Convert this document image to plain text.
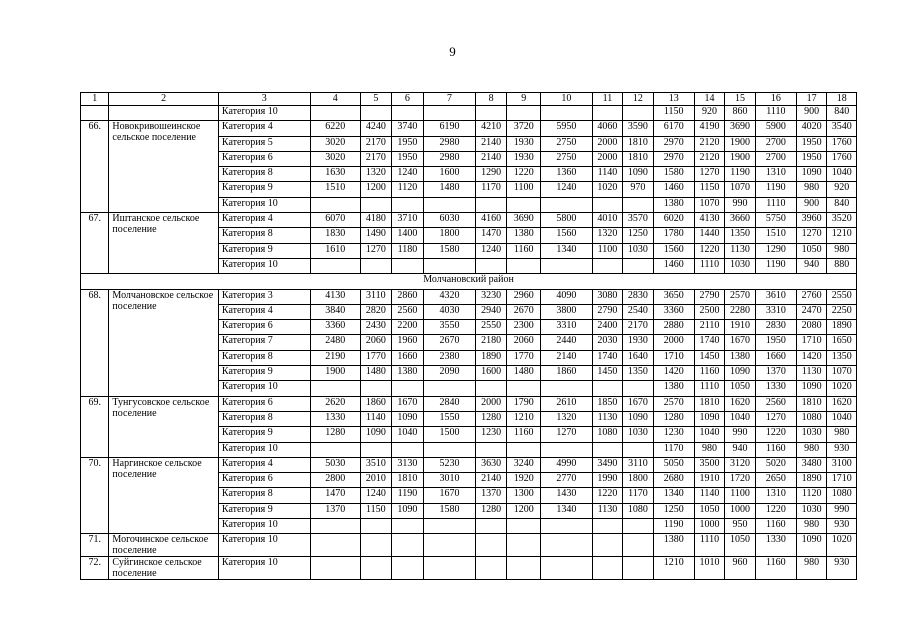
9
1	2	3	4	5	6	7	8	9	10	11	12	13	14	15	16	17	18
		Категория 10										1150	920	860	1110	900	840
66.	Новокривошеинское сельское поселение	Категория 4	6220	4240	3740	6190	4210	3720	5950	4060	3590	6170	4190	3690	5900	4020	3540
		Категория 5	3020	2170	1950	2980	2140	1930	2750	2000	1810	2970	2120	1900	2700	1950	1760
		Категория 6	3020	2170	1950	2980	2140	1930	2750	2000	1810	2970	2120	1900	2700	1950	1760
		Категория 8	1630	1320	1240	1600	1290	1220	1360	1140	1090	1580	1270	1190	1310	1090	1040
		Категория 9	1510	1200	1120	1480	1170	1100	1240	1020	970	1460	1150	1070	1190	980	920
		Категория 10										1380	1070	990	1110	900	840
67.	Иштанское сельское поселение	Категория 4	6070	4180	3710	6030	4160	3690	5800	4010	3570	6020	4130	3660	5750	3960	3520
		Категория 8	1830	1490	1400	1800	1470	1380	1560	1320	1250	1780	1440	1350	1510	1270	1210
		Категория 9	1610	1270	1180	1580	1240	1160	1340	1100	1030	1560	1220	1130	1290	1050	980
		Категория 10										1460	1110	1030	1190	940	880
Молчановский район																	
68.	Молчановское сельское поселение	Категория 3	4130	3110	2860	4320	3230	2960	4090	3080	2830	3650	2790	2570	3610	2760	2550
		Категория 4	3840	2820	2560	4030	2940	2670	3800	2790	2540	3360	2500	2280	3310	2470	2250
		Категория 6	3360	2430	2200	3550	2550	2300	3310	2400	2170	2880	2110	1910	2830	2080	1890
		Категория 7	2480	2060	1960	2670	2180	2060	2440	2030	1930	2000	1740	1670	1950	1710	1650
		Категория 8	2190	1770	1660	2380	1890	1770	2140	1740	1640	1710	1450	1380	1660	1420	1350
		Категория 9	1900	1480	1380	2090	1600	1480	1860	1450	1350	1420	1160	1090	1370	1130	1070
		Категория 10										1380	1110	1050	1330	1090	1020
69.	Тунгусовское сельское поселение	Категория 6	2620	1860	1670	2840	2000	1790	2610	1850	1670	2570	1810	1620	2560	1810	1620
		Категория 8	1330	1140	1090	1550	1280	1210	1320	1130	1090	1280	1090	1040	1270	1080	1040
		Категория 9	1280	1090	1040	1500	1230	1160	1270	1080	1030	1230	1040	990	1220	1030	980
		Категория 10										1170	980	940	1160	980	930
70.	Наргинское сельское поселение	Категория 4	5030	3510	3130	5230	3630	3240	4990	3490	3110	5050	3500	3120	5020	3480	3100
		Категория 6	2800	2010	1810	3010	2140	1920	2770	1990	1800	2680	1910	1720	2650	1890	1710
		Категория 8	1470	1240	1190	1670	1370	1300	1430	1220	1170	1340	1140	1100	1310	1120	1080
		Категория 9	1370	1150	1090	1580	1280	1200	1340	1130	1080	1250	1050	1000	1220	1030	990
		Категория 10										1190	1000	950	1160	980	930
71.	Могочинское сельское поселение	Категория 10										1380	1110	1050	1330	1090	1020
72.	Суйгинское сельское поселение	Категория 10										1210	1010	960	1160	980	930
